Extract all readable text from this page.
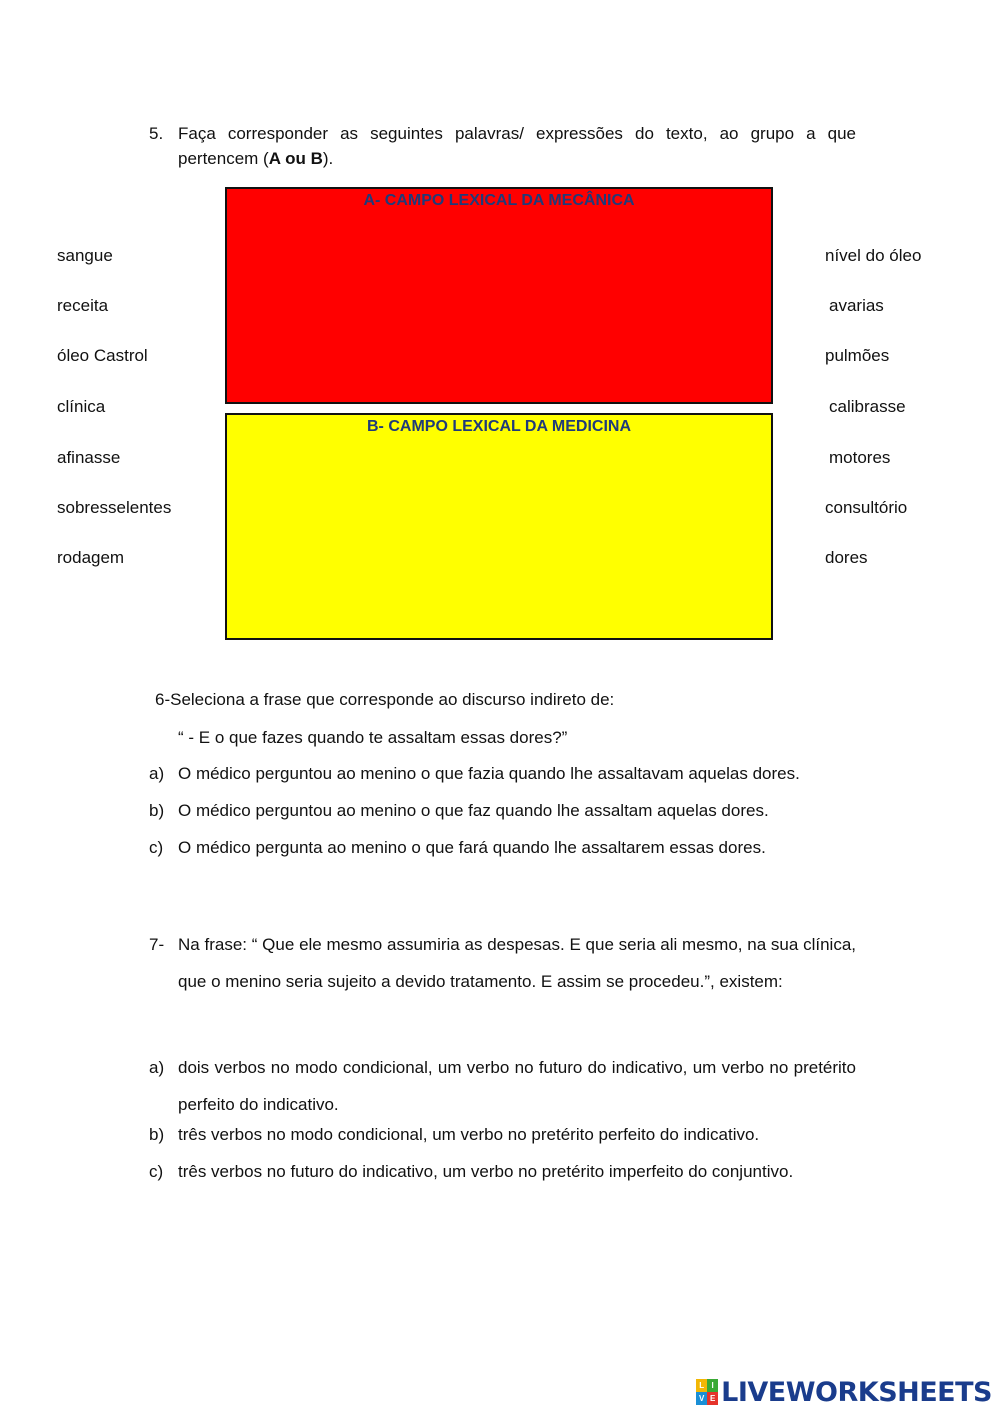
5. Faça corresponder as seguintes palavras/ expressões do texto, ao grupo a que
pertencem (A ou B).
A- CAMPO LEXICAL DA MECÂNICA
B- CAMPO LEXICAL DA MEDICINA
sangue
receita
óleo Castrol
clínica
afinasse
sobresselentes
rodagem
nível do óleo
avarias
pulmões
calibrasse
motores
consultório
dores
6-Seleciona a frase que corresponde ao discurso indireto de:
“ - E o que fazes quando te assaltam essas dores?”
a) O médico perguntou ao menino o que fazia quando lhe assaltavam aquelas dores.
b) O médico perguntou ao menino o que faz quando lhe assaltam aquelas dores.
c) O médico pergunta ao menino o que fará quando lhe assaltarem essas dores.
7- Na frase: “ Que ele mesmo assumiria as despesas. E que seria ali mesmo, na sua clínica, que o menino seria sujeito a devido tratamento. E assim se procedeu.”, existem:
a) dois verbos no modo condicional, um verbo no futuro do indicativo, um verbo no pretérito perfeito do indicativo.
b) três verbos no modo condicional, um verbo no pretérito perfeito do indicativo.
c) três verbos no futuro do indicativo, um verbo no pretérito imperfeito do conjuntivo.
L I
V E LIVEWORKSHEETS
